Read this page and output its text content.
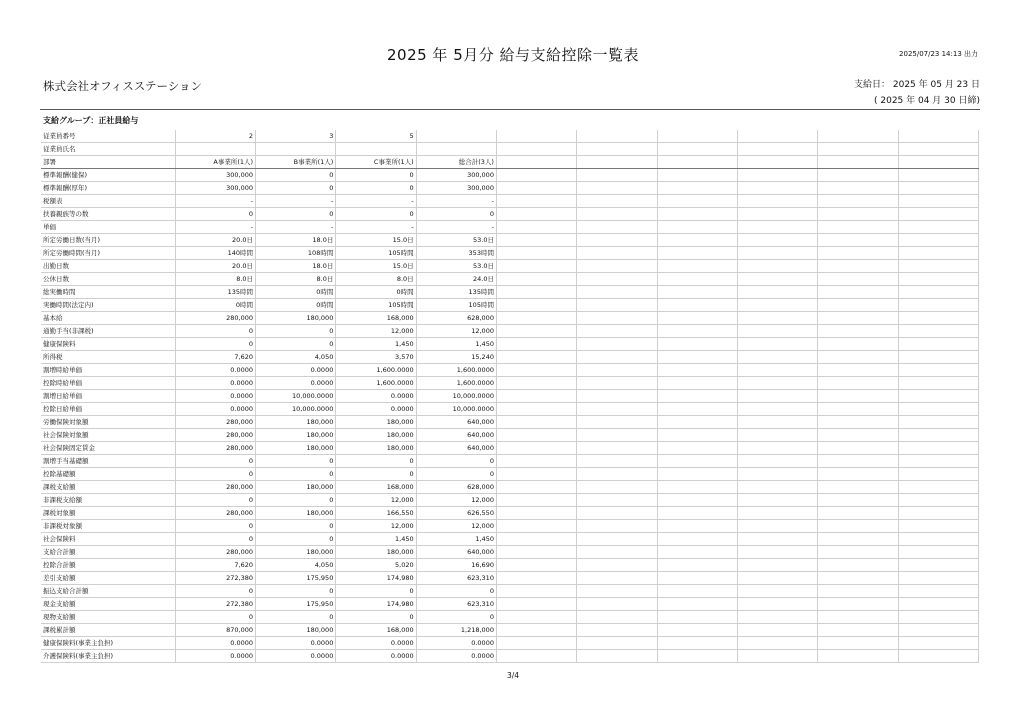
2025 年 5月分 給与支給控除一覧表	2025/07/23 14:13 出力
株式会社オフィスステーション	支給日： 2025 年 05 月 23 日
( 2025 年 04 月 30 日締)
支給グループ：正社員給与
従業員番号	2	3	5							
従業員氏名										
部署	A事業所(1人)	B事業所(1人)	C事業所(1人)	総合計(3人)						
標準報酬(健保)	300,000	0	0	300,000						
標準報酬(厚年)	300,000	0	0	300,000						
税額表	-	-	-	-						
扶養親族等の数	0	0	0	0						
単価	-	-	-	-						
所定労働日数(当月)	20.0日	18.0日	15.0日	53.0日						
所定労働時間(当月)	140時間	108時間	105時間	353時間						
出勤日数	20.0日	18.0日	15.0日	53.0日						
公休日数	8.0日	8.0日	8.0日	24.0日						
総実働時間	135時間	0時間	0時間	135時間						
実働時間(法定内)	0時間	0時間	105時間	105時間						
基本給	280,000	180,000	168,000	628,000						
通勤手当(非課税)	0	0	12,000	12,000						
健康保険料	0	0	1,450	1,450						
所得税	7,620	4,050	3,570	15,240						
割増時給単価	0.0000	0.0000	1,600.0000	1,600.0000						
控除時給単価	0.0000	0.0000	1,600.0000	1,600.0000						
割増日給単価	0.0000	10,000.0000	0.0000	10,000.0000						
控除日給単価	0.0000	10,000.0000	0.0000	10,000.0000						
労働保険対象額	280,000	180,000	180,000	640,000						
社会保険対象額	280,000	180,000	180,000	640,000						
社会保険固定賃金	280,000	180,000	180,000	640,000						
割増手当基礎額	0	0	0	0						
控除基礎額	0	0	0	0						
課税支給額	280,000	180,000	168,000	628,000						
非課税支給額	0	0	12,000	12,000						
課税対象額	280,000	180,000	166,550	626,550						
非課税対象額	0	0	12,000	12,000						
社会保険料	0	0	1,450	1,450						
支給合計額	280,000	180,000	180,000	640,000						
控除合計額	7,620	4,050	5,020	16,690						
差引支給額	272,380	175,950	174,980	623,310						
振込支給合計額	0	0	0	0						
現金支給額	272,380	175,950	174,980	623,310						
現物支給額	0	0	0	0						
課税累計額	870,000	180,000	168,000	1,218,000						
健康保険料(事業主負担)	0.0000	0.0000	0.0000	0.0000						
介護保険料(事業主負担)	0.0000	0.0000	0.0000	0.0000						
3/4
